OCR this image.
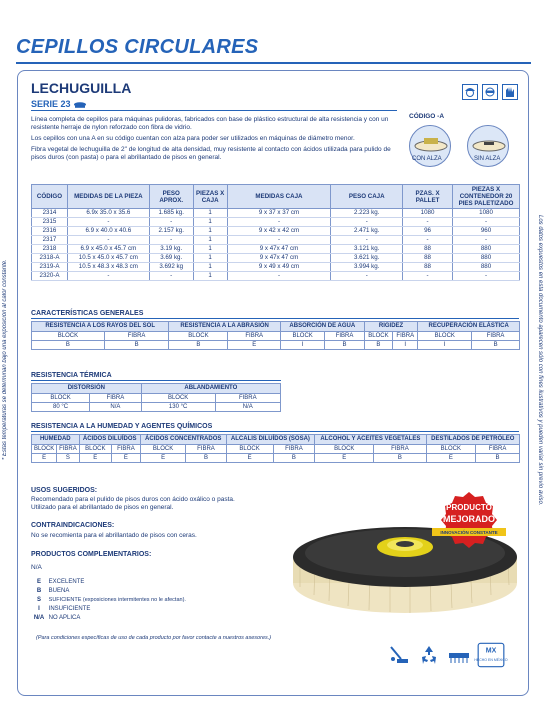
CEPILLOS CIRCULARES
* Estas temperaturas se determinan bajo una exposición al calor constante.	Los datos expuestos en esta documento aparecen sólo con fines ilustrativos y pueden variar sin previo aviso.
LECHUGUILLA
SERIE 23

Línea completa de cepillos para máquinas pulidoras, fabricados con base de plástico estructural de alta resistencia y con un resistente herraje de nylon reforzado con fibra de vidrio.

Los cepillos con una A en su código cuentan con alza para poder ser utilizados en máquinas de diámetro menor.

Fibra vegetal de lechuguilla de 2" de longitud de alta densidad, muy resistente al contacto con ácidos utilizada para pulido de pisos duros (con pasta) o para el abrillantado de pisos en general.

CÓDIGO -A
CON ALZA	SIN ALZA
CÓDIGO	MEDIDAS DE LA PIEZA	PESO APROX.	PIEZAS X CAJA	MEDIDAS CAJA	PESO CAJA	PZAS. X PALLET	PIEZAS X CONTENEDOR 20 PIES PALETIZADO
2314	6.9x 35.0 x 35.6	1.685 kg.	1	9 x 37 x 37 cm	2.223 kg.	1080	1080
2315	-	-	1	-	-	-	-
2316	6.9 x 40.0 x 40.6	2.157 kg.	1	9 x 42 x 42 cm	2.471 kg.	96	960
2317	-	-	1	-	-	-	-
2318	6.9 x 45.0 x 45.7 cm	3.19 kg.	1	9 x 47x 47 cm	3.121 kg.	88	880
2318-A	10.5 x 45.0 x 45.7 cm	3.69 kg.	1	9 x 47x 47 cm	3.621 kg.	88	880
2319-A	10.5 x 48.3 x 48.3 cm	3.692 kg	1	9 x 49 x 49 cm	3.994 kg.	88	880
2320-A	-	-	1	-	-	-	-
CARACTERÍSTICAS GENERALES
RESISTENCIA A LOS RAYOS DEL SOL		RESISTENCIA A LA ABRASIÓN		ABSORCIÓN DE AGUA		RIGIDEZ		RECUPERACIÓN ELÁSTICA	
BLOCK	FIBRA	BLOCK	FIBRA	BLOCK	FIBRA	BLOCK	FIBRA	BLOCK	FIBRA
B	B	B	E	I	B	B	I	I	B
RESISTENCIA TÉRMICA
DISTORSIÓN		ABLANDAMIENTO	
BLOCK	FIBRA	BLOCK	FIBRA
80 °C	N/A	130 °C	N/A
RESISTENCIA A LA HUMEDAD Y AGENTES QUÍMICOS
HUMEDAD		ÁCIDOS DILUÍDOS		ÁCIDOS CONCENTRADOS		ALCALIS DILUÍDOS (SOSA)		ALCOHOL Y ACEITES VEGETALES		DESTILADOS DE PETRÓLEO	
BLOCK	FIBRA	BLOCK	FIBRA	BLOCK	FIBRA	BLOCK	FIBRA	BLOCK	FIBRA	BLOCK	FIBRA
E	S	E	E	E	B	E	B	E	B	E	B
USOS SUGERIDOS:
Recomendado para el pulido de pisos duros con ácido oxálico o pasta.
Utilizado para el abrillantado de pisos en general.
CONTRAINDICACIONES:
No se recomienta para el abrillantado de pisos con ceras.
PRODUCTOS COMPLEMENTARIOS:
N/A
E EXCELENTE
B BUENA
S SUFICIENTE (exposiciones intermitentes no le afectan).
I INSUFICIENTE
N/A NO APLICA
(Para condiciones específicas de uso de cada producto por favor contacte a nuestros asesores.)
PRODUCTO
MEJORADO
INNOVACIÓN CONSTANTE
MX
HECHO EN MÉXICO
